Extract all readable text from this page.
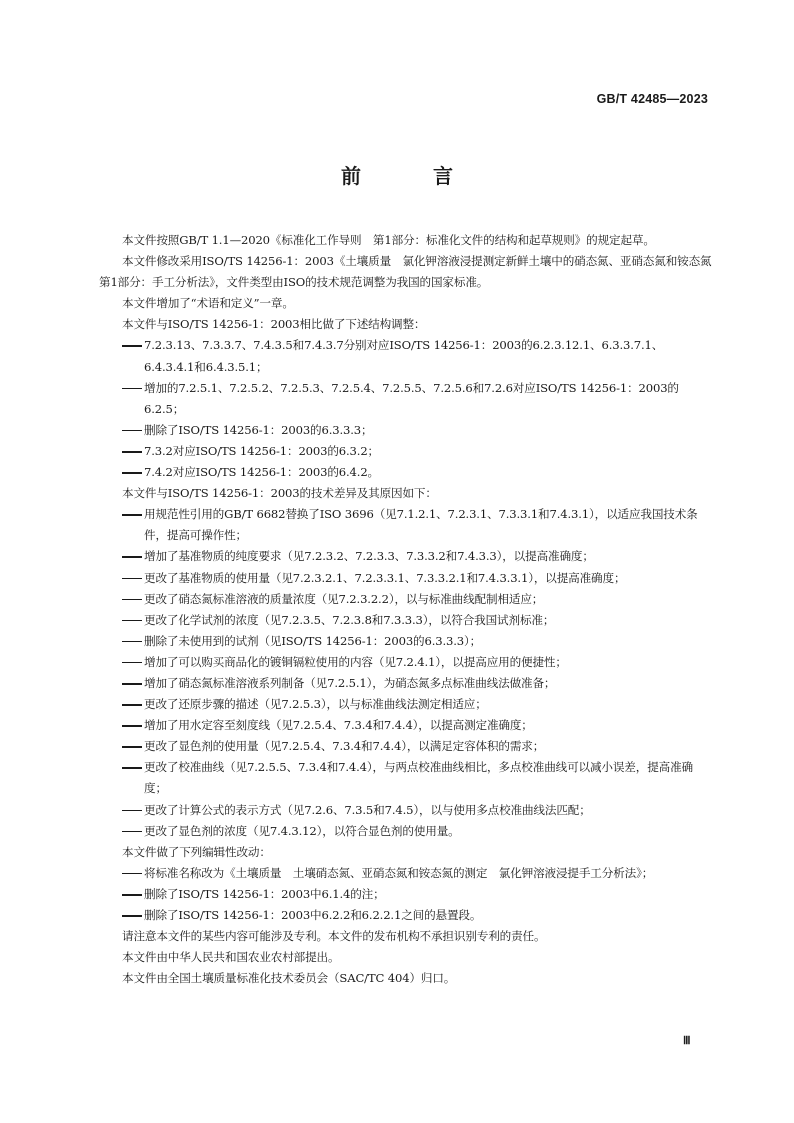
GB/T 42485—2023
前　言

本文件按照GB/T 1.1—2020《标准化工作导则　第1部分：标准化文件的结构和起草规则》的规定起草。

本文件修改采用ISO/TS 14256-1：2003《土壤质量　氯化钾溶液浸提测定新鲜土壤中的硝态氮、亚硝态氮和铵态氮　第1部分：手工分析法》，文件类型由ISO的技术规范调整为我国的国家标准。

本文件增加了“术语和定义”一章。

本文件与ISO/TS 14256-1：2003相比做了下述结构调整：

7.2.3.13、7.3.3.7、7.4.3.5和7.4.3.7分别对应ISO/TS 14256-1：2003的6.2.3.12.1、6.3.3.7.1、6.4.3.4.1和6.4.3.5.1；

增加的7.2.5.1、7.2.5.2、7.2.5.3、7.2.5.4、7.2.5.5、7.2.5.6和7.2.6对应ISO/TS 14256-1：2003的6.2.5；

删除了ISO/TS 14256-1：2003的6.3.3.3；

7.3.2对应ISO/TS 14256-1：2003的6.3.2；

7.4.2对应ISO/TS 14256-1：2003的6.4.2。

本文件与ISO/TS 14256-1：2003的技术差异及其原因如下：

用规范性引用的GB/T 6682替换了ISO 3696（见7.1.2.1、7.2.3.1、7.3.3.1和7.4.3.1），以适应我国技术条件，提高可操作性；

增加了基准物质的纯度要求（见7.2.3.2、7.2.3.3、7.3.3.2和7.4.3.3），以提高准确度；

更改了基准物质的使用量（见7.2.3.2.1、7.2.3.3.1、7.3.3.2.1和7.4.3.3.1），以提高准确度；

更改了硝态氮标准溶液的质量浓度（见7.2.3.2.2），以与标准曲线配制相适应；

更改了化学试剂的浓度（见7.2.3.5、7.2.3.8和7.3.3.3），以符合我国试剂标准；

删除了未使用到的试剂（见ISO/TS 14256-1：2003的6.3.3.3）；

增加了可以购买商品化的镀铜镉粒使用的内容（见7.2.4.1），以提高应用的便捷性；

增加了硝态氮标准溶液系列制备（见7.2.5.1），为硝态氮多点标准曲线法做准备；

更改了还原步骤的描述（见7.2.5.3），以与标准曲线法测定相适应；

增加了用水定容至刻度线（见7.2.5.4、7.3.4和7.4.4），以提高测定准确度；

更改了显色剂的使用量（见7.2.5.4、7.3.4和7.4.4），以满足定容体积的需求；

更改了校准曲线（见7.2.5.5、7.3.4和7.4.4），与两点校准曲线相比，多点校准曲线可以减小误差，提高准确度；

更改了计算公式的表示方式（见7.2.6、7.3.5和7.4.5），以与使用多点校准曲线法匹配；

更改了显色剂的浓度（见7.4.3.12），以符合显色剂的使用量。

本文件做了下列编辑性改动：

将标准名称改为《土壤质量　土壤硝态氮、亚硝态氮和铵态氮的测定　氯化钾溶液浸提手工分析法》；

删除了ISO/TS 14256-1：2003中6.1.4的注；

删除了ISO/TS 14256-1：2003中6.2.2和6.2.2.1之间的悬置段。

请注意本文件的某些内容可能涉及专利。本文件的发布机构不承担识别专利的责任。

本文件由中华人民共和国农业农村部提出。

本文件由全国土壤质量标准化技术委员会（SAC/TC 404）归口。

Ⅲ
